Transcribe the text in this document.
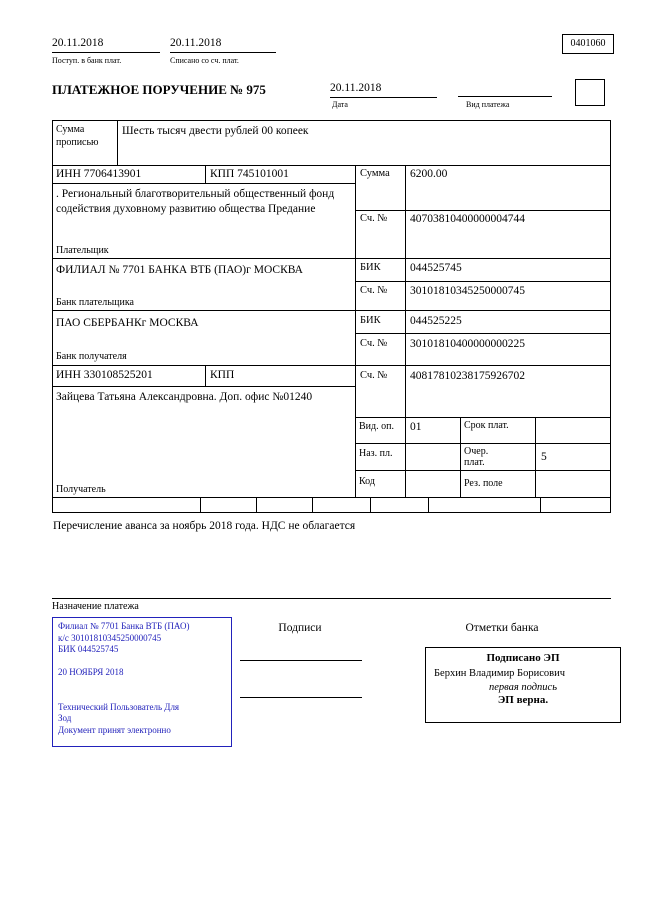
20.11.2018
Поступ. в банк плат.
20.11.2018
Списано со сч. плат.
0401060
ПЛАТЕЖНОЕ ПОРУЧЕНИЕ № 975	20.11.2018
Дата	Вид платежа
Сумма прописью
Шесть тысяч двести рублей 00 копеек
ИНН 7706413901	КПП 745101001	Сумма 6200.00
. Региональный благотворительный общественный фонд содействия духовному развитию общества Предание
Сч. № 40703810400000004744
Плательщик
ФИЛИАЛ № 7701 БАНКА ВТБ (ПАО)г МОСКВА	БИК	044525745
Сч. № 30101810345250000745
Банк плательщика
ПАО СБЕРБАНКг МОСКВА	БИК	044525225
Сч. № 30101810400000000225
Банк получателя
ИНН 330108525201	КПП	Сч. № 40817810238175926702
Зайцева Татьяна Александровна. Доп. офис №01240
Получатель
Вид. оп. 01	Срок плат.
Наз. пл.	Очер. плат.	5
Код	Рез. поле
Перечисление аванса за ноябрь 2018 года. НДС не облагается
Назначение платежа
Филиал № 7701 Банка ВТБ (ПАО)
к/с 30101810345250000745
БИК 044525745
20 НОЯБРЯ 2018
Технический Пользователь Для
Зод
Документ принят электронно
Подписи	Отметки банка
Подписано ЭП
Берхин Владимир Борисович
первая подпись
ЭП верна.
